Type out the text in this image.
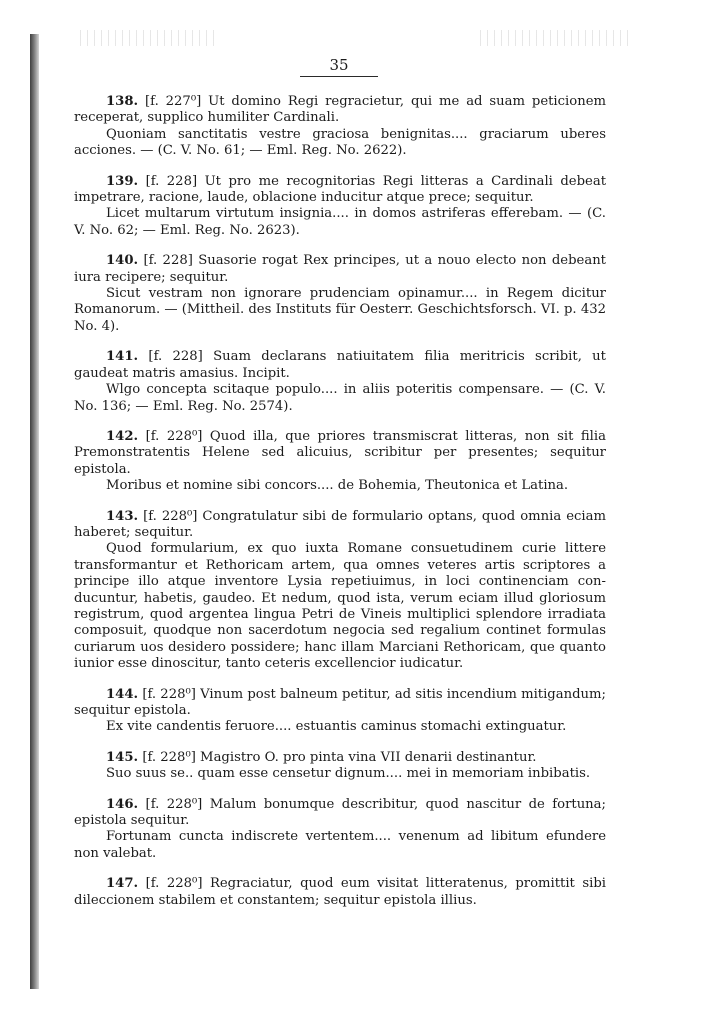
35

138. [f. 227⁰] Ut domino Regi regracietur, qui me ad suam peticionem receperat, supplico humiliter Cardinali.

Quoniam sanctitatis vestre graciosa benignitas.... graciarum uberes acciones. — (C. V. No. 61; — Eml. Reg. No. 2622).

139. [f. 228] Ut pro me recognitorias Regi litteras a Cardinali debeat impetrare, racione, laude, oblacione inducitur atque prece; sequitur.

Licet multarum virtutum insignia.... in domos astriferas efferebam. — (C. V. No. 62; — Eml. Reg. No. 2623).

140. [f. 228] Suasorie rogat Rex principes, ut a nouo electo non debeant iura recipere; sequitur.

Sicut vestram non ignorare prudenciam opinamur.... in Regem dicitur Romanorum. — (Mittheil. des Instituts für Oesterr. Geschichtsforsch. VI. p. 432 No. 4).

141. [f. 228] Suam declarans natiuitatem filia meritricis scribit, ut gaudeat matris amasius. Incipit.

Wlgo concepta scitaque populo.... in aliis poteritis compensare. — (C. V. No. 136; — Eml. Reg. No. 2574).

142. [f. 228⁰] Quod illa, que priores transmiscrat litteras, non sit filia Premonstratentis Helene sed alicuius, scribitur per presentes; sequitur epistola.

Moribus et nomine sibi concors.... de Bohemia, Theutonica et Latina.

143. [f. 228⁰] Congratulatur sibi de formulario optans, quod omnia eciam haberet; sequitur.

Quod formularium, ex quo iuxta Romane consuetudinem curie littere transformantur et Rethoricam artem, qua omnes veteres artis scriptores a principe illo atque inventore Lysia repetiuimus, in loci continenciam conducuntur, habetis, gaudeo. Et nedum, quod ista, verum eciam illud gloriosum registrum, quod argentea lingua Petri de Vineis multiplici splendore irradiata composuit, quodque non sacerdotum negocia sed regalium continet formulas curiarum uos desidero possidere; hanc illam Marciani Rethoricam, que quanto iunior esse dinoscitur, tanto ceteris excellencior iudicatur.

144. [f. 228⁰] Vinum post balneum petitur, ad sitis incendium mitigandum; sequitur epistola.

Ex vite candentis feruore.... estuantis caminus stomachi extinguatur.

145. [f. 228⁰] Magistro O. pro pinta vina VII denarii destinantur.

Suo suus se.. quam esse censetur dignum.... mei in memoriam inbibatis.

146. [f. 228⁰] Malum bonumque describitur, quod nascitur de fortuna; epistola sequitur.

Fortunam cuncta indiscrete vertentem.... venenum ad libitum efundere non valebat.

147. [f. 228⁰] Regraciatur, quod eum visitat litteratenus, promittit sibi dileccionem stabilem et constantem; sequitur epistola illius.
